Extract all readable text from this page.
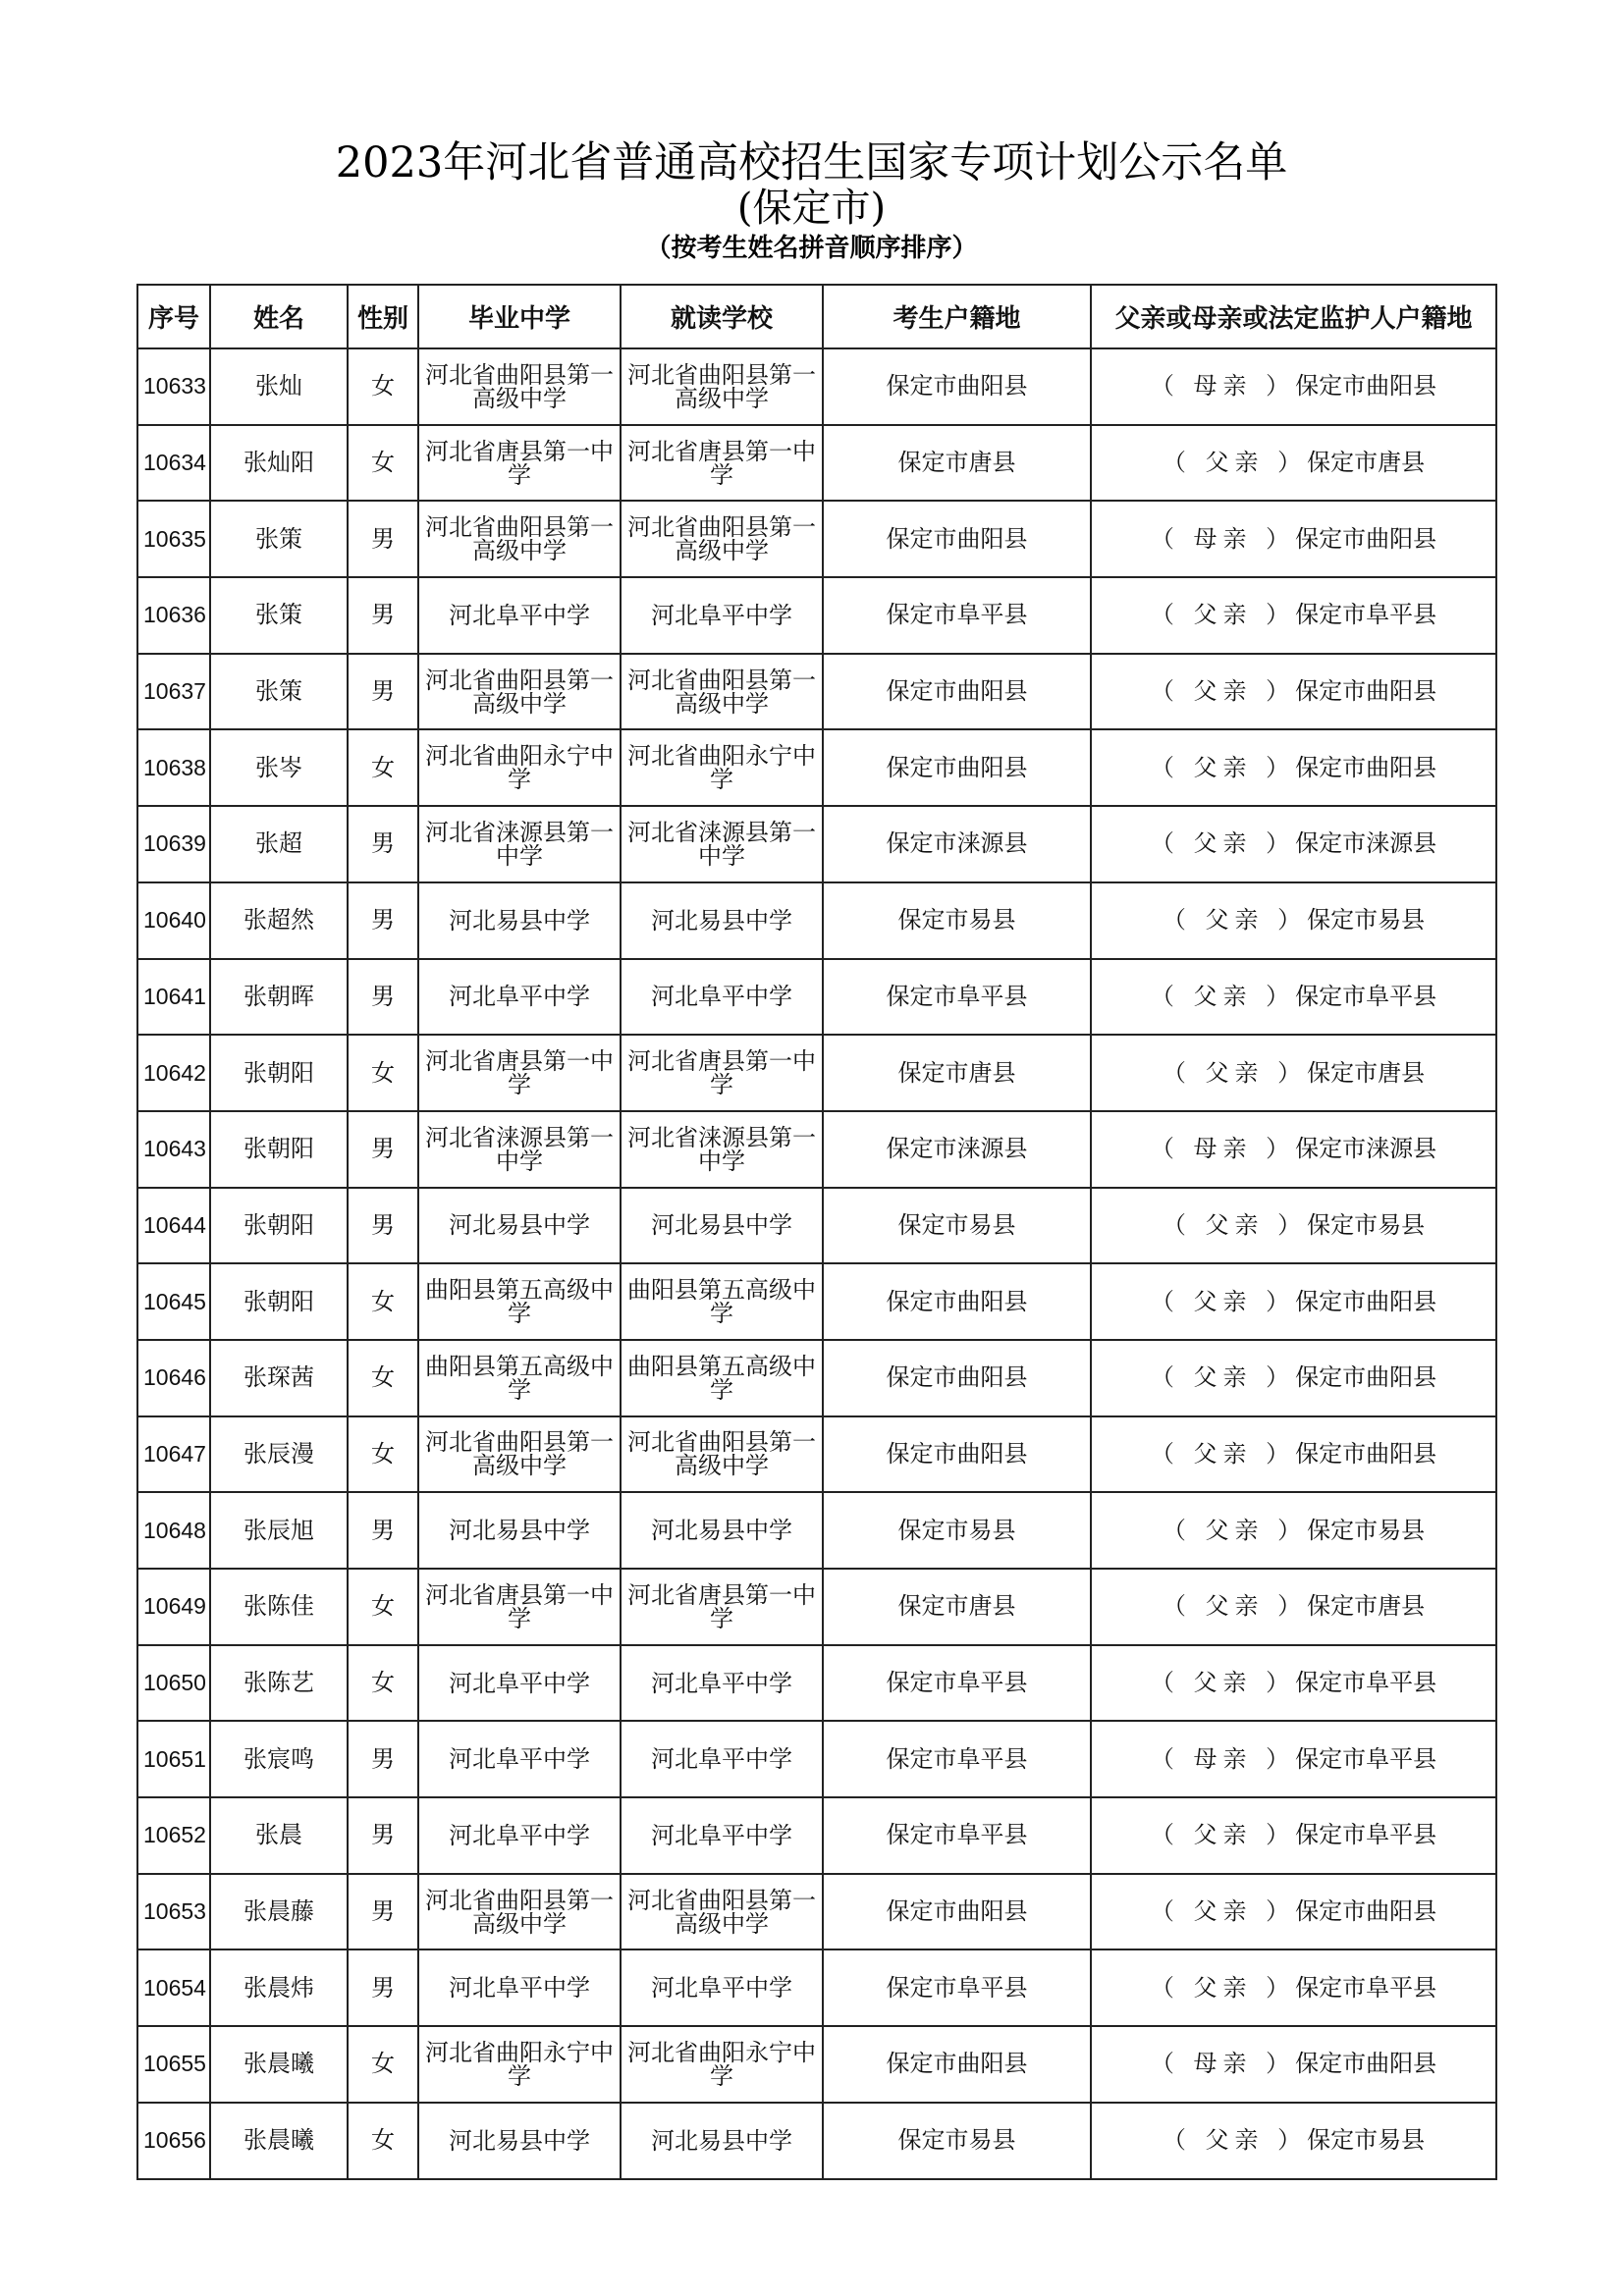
2023年河北省普通高校招生国家专项计划公示名单
(保定市)
（按考生姓名拼音顺序排序）
序号	姓名	性别	毕业中学	就读学校	考生户籍地	父亲或母亲或法定监护人户籍地
10633	张灿	女	河北省曲阳县第一高级中学	河北省曲阳县第一高级中学	保定市曲阳县	（ 母亲 ）保定市曲阳县
10634	张灿阳	女	河北省唐县第一中学	河北省唐县第一中学	保定市唐县	（ 父亲 ）保定市唐县
10635	张策	男	河北省曲阳县第一高级中学	河北省曲阳县第一高级中学	保定市曲阳县	（ 母亲 ）保定市曲阳县
10636	张策	男	河北阜平中学	河北阜平中学	保定市阜平县	（ 父亲 ）保定市阜平县
10637	张策	男	河北省曲阳县第一高级中学	河北省曲阳县第一高级中学	保定市曲阳县	（ 父亲 ）保定市曲阳县
10638	张岑	女	河北省曲阳永宁中学	河北省曲阳永宁中学	保定市曲阳县	（ 父亲 ）保定市曲阳县
10639	张超	男	河北省涞源县第一中学	河北省涞源县第一中学	保定市涞源县	（ 父亲 ）保定市涞源县
10640	张超然	男	河北易县中学	河北易县中学	保定市易县	（ 父亲 ）保定市易县
10641	张朝晖	男	河北阜平中学	河北阜平中学	保定市阜平县	（ 父亲 ）保定市阜平县
10642	张朝阳	女	河北省唐县第一中学	河北省唐县第一中学	保定市唐县	（ 父亲 ）保定市唐县
10643	张朝阳	男	河北省涞源县第一中学	河北省涞源县第一中学	保定市涞源县	（ 母亲 ）保定市涞源县
10644	张朝阳	男	河北易县中学	河北易县中学	保定市易县	（ 父亲 ）保定市易县
10645	张朝阳	女	曲阳县第五高级中学	曲阳县第五高级中学	保定市曲阳县	（ 父亲 ）保定市曲阳县
10646	张琛茜	女	曲阳县第五高级中学	曲阳县第五高级中学	保定市曲阳县	（ 父亲 ）保定市曲阳县
10647	张辰漫	女	河北省曲阳县第一高级中学	河北省曲阳县第一高级中学	保定市曲阳县	（ 父亲 ）保定市曲阳县
10648	张辰旭	男	河北易县中学	河北易县中学	保定市易县	（ 父亲 ）保定市易县
10649	张陈佳	女	河北省唐县第一中学	河北省唐县第一中学	保定市唐县	（ 父亲 ）保定市唐县
10650	张陈艺	女	河北阜平中学	河北阜平中学	保定市阜平县	（ 父亲 ）保定市阜平县
10651	张宸鸣	男	河北阜平中学	河北阜平中学	保定市阜平县	（ 母亲 ）保定市阜平县
10652	张晨	男	河北阜平中学	河北阜平中学	保定市阜平县	（ 父亲 ）保定市阜平县
10653	张晨藤	男	河北省曲阳县第一高级中学	河北省曲阳县第一高级中学	保定市曲阳县	（ 父亲 ）保定市曲阳县
10654	张晨炜	男	河北阜平中学	河北阜平中学	保定市阜平县	（ 父亲 ）保定市阜平县
10655	张晨曦	女	河北省曲阳永宁中学	河北省曲阳永宁中学	保定市曲阳县	（ 母亲 ）保定市曲阳县
10656	张晨曦	女	河北易县中学	河北易县中学	保定市易县	（ 父亲 ）保定市易县
